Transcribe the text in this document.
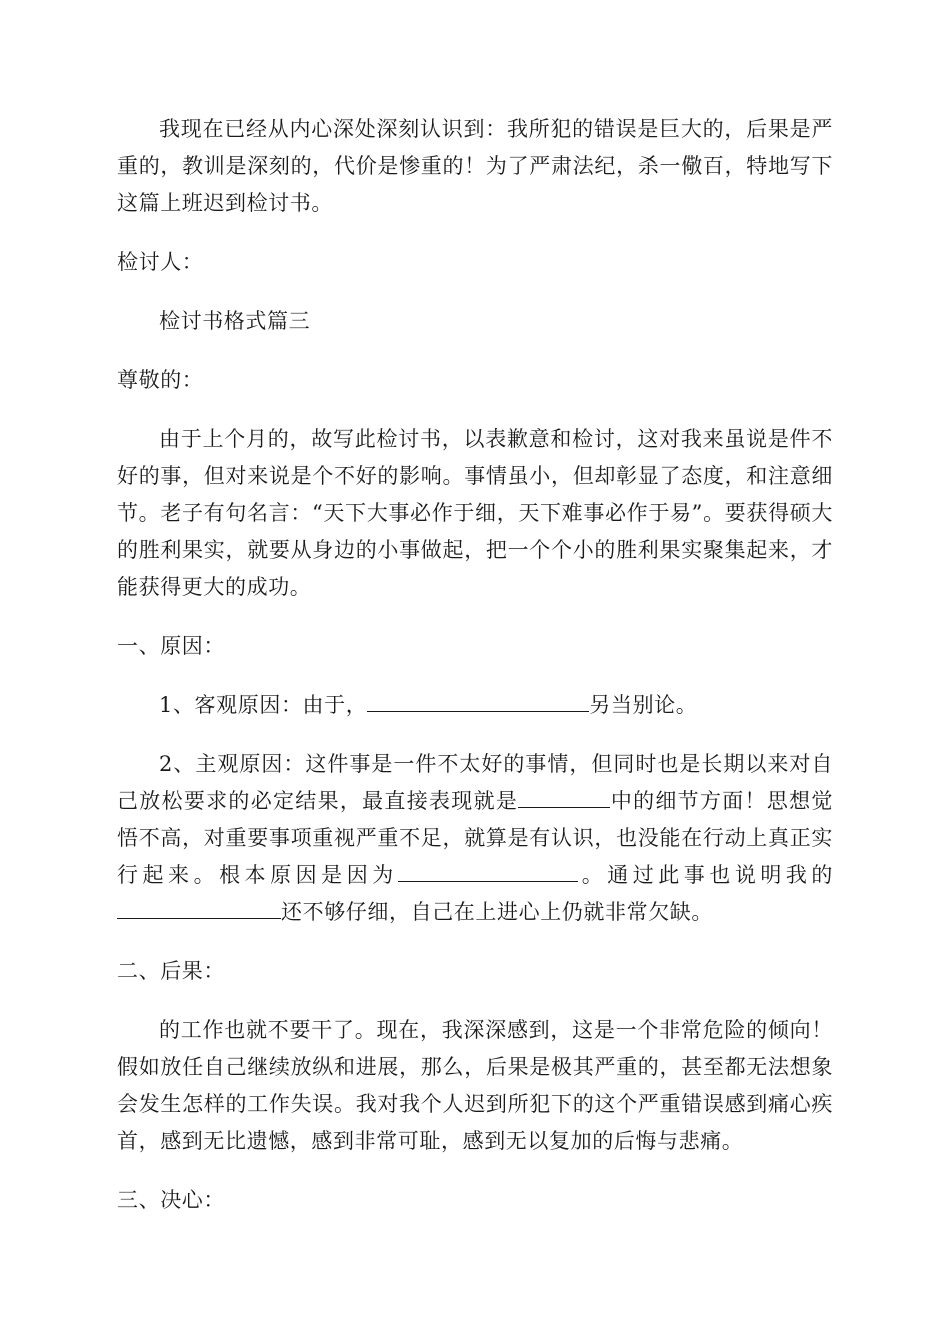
我现在已经从内心深处深刻认识到：我所犯的错误是巨大的，后果是严重的，教训是深刻的，代价是惨重的！为了严肃法纪，杀一儆百，特地写下这篇上班迟到检讨书。

检讨人：

检讨书格式篇三

尊敬的：

由于上个月的，故写此检讨书，以表歉意和检讨，这对我来虽说是件不好的事，但对来说是个不好的影响。事情虽小，但却彰显了态度，和注意细节。老子有句名言：“天下大事必作于细，天下难事必作于易”。要获得硕大的胜利果实，就要从身边的小事做起，把一个个小的胜利果实聚集起来，才能获得更大的成功。

一、原因：

1、客观原因：由于，	另当别论。

2、主观原因：这件事是一件不太好的事情，但同时也是长期以来对自己放松要求的必定结果，最直接表现就是	中的细节方面！思想觉悟不高，对重要事项重视严重不足，就算是有认识，也没能在行动上真正实行起来。根本原因是因为	。通过此事也说明我的还不够仔细，自己在上进心上仍就非常欠缺。

二、后果：

的工作也就不要干了。现在，我深深感到，这是一个非常危险的倾向！假如放任自己继续放纵和进展，那么，后果是极其严重的，甚至都无法想象会发生怎样的工作失误。我对我个人迟到所犯下的这个严重错误感到痛心疾首，感到无比遗憾，感到非常可耻，感到无以复加的后悔与悲痛。

三、决心：
